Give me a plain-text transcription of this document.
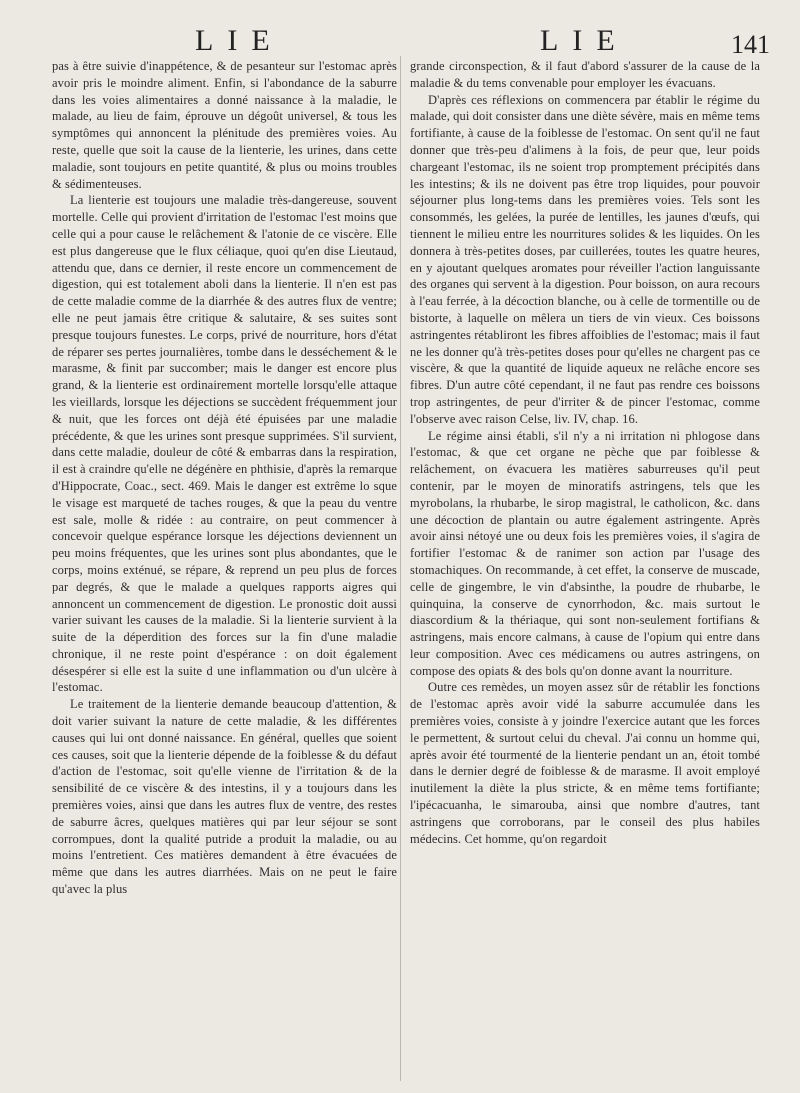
LIE	LIE	141

pas à être suivie d'inappétence, & de pesanteur sur l'estomac après avoir pris le moindre aliment. Enfin, si l'abondance de la saburre dans les voies alimentaires a donné naissance à la maladie, le malade, au lieu de faim, éprouve un dégoût universel, & tous les symptômes qui annoncent la plénitude des premières voies. Au reste, quelle que soit la cause de la lienterie, les urines, dans cette maladie, sont toujours en petite quantité, & plus ou moins troubles & sédimenteuses.

La lienterie est toujours une maladie très-dangereuse, souvent mortelle. Celle qui provient d'irritation de l'estomac l'est moins que celle qui a pour cause le relâchement & l'atonie de ce viscère. Elle est plus dangereuse que le flux céliaque, quoi qu'en dise Lieutaud, attendu que, dans ce dernier, il reste encore un commencement de digestion, qui est totalement aboli dans la lienterie. Il n'en est pas de cette maladie comme de la diarrhée & des autres flux de ventre; elle ne peut jamais être critique & salutaire, & ses suites sont presque toujours funestes. Le corps, privé de nourriture, hors d'état de réparer ses pertes journalières, tombe dans le desséchement & le marasme, & finit par succomber; mais le danger est encore plus grand, & la lienterie est ordinairement mortelle lorsqu'elle attaque les vieillards, lorsque les déjections se succèdent fréquemment jour & nuit, que les forces ont déjà été épuisées par une maladie précédente, & que les urines sont presque supprimées. S'il survient, dans cette maladie, douleur de côté & embarras dans la respiration, il est à craindre qu'elle ne dégénère en phthisie, d'après la remarque d'Hippocrate, Coac., sect. 469. Mais le danger est extrême lo sque le visage est marqueté de taches rouges, & que la peau du ventre est sale, molle & ridée : au contraire, on peut commencer à concevoir quelque espérance lorsque les déjections deviennent un peu moins fréquentes, que les urines sont plus abondantes, que le corps, moins exténué, se répare, & reprend un peu plus de forces par degrés, & que le malade a quelques rapports aigres qui annoncent un commencement de digestion. Le pronostic doit aussi varier suivant les causes de la maladie. Si la lienterie survient à la suite de la déperdition des forces sur la fin d'une maladie chronique, il ne reste point d'espérance : on doit également désespérer si elle est la suite d une inflammation ou d'un ulcère à l'estomac.

Le traitement de la lienterie demande beaucoup d'attention, & doit varier suivant la nature de cette maladie, & les différentes causes qui lui ont donné naissance. En général, quelles que soient ces causes, soit que la lienterie dépende de la foiblesse & du défaut d'action de l'estomac, soit qu'elle vienne de l'irritation & de la sensibilité de ce viscère & des intestins, il y a toujours dans les premières voies, ainsi que dans les autres flux de ventre, des restes de saburre âcres, quelques matières qui par leur séjour se sont corrompues, dont la qualité putride a produit la maladie, ou au moins l'entretient. Ces matières demandent à être évacuées de même que dans les autres diarrhées. Mais on ne peut le faire qu'avec la plus

grande circonspection, & il faut d'abord s'assurer de la cause de la maladie & du tems convenable pour employer les évacuans.

D'après ces réflexions on commencera par établir le régime du malade, qui doit consister dans une diète sévère, mais en même tems fortifiante, à cause de la foiblesse de l'estomac. On sent qu'il ne faut donner que très-peu d'alimens à la fois, de peur que, leur poids chargeant l'estomac, ils ne soient trop promptement précipités dans les intestins; & ils ne doivent pas être trop liquides, pour pouvoir séjourner plus long-tems dans les premières voies. Tels sont les consommés, les gelées, la purée de lentilles, les jaunes d'œufs, qui tiennent le milieu entre les nourritures solides & les liquides. On les donnera à très-petites doses, par cuillerées, toutes les quatre heures, en y ajoutant quelques aromates pour réveiller l'action languissante des organes qui servent à la digestion. Pour boisson, on aura recours à l'eau ferrée, à la décoction blanche, ou à celle de tormentille ou de bistorte, à laquelle on mêlera un tiers de vin vieux. Ces boissons astringentes rétabliront les fibres affoiblies de l'estomac; mais il faut ne les donner qu'à très-petites doses pour qu'elles ne chargent pas ce viscère, & que la quantité de liquide aqueux ne relâche encore ses fibres. D'un autre côté cependant, il ne faut pas rendre ces boissons trop astringentes, de peur d'irriter & de pincer l'estomac, comme l'observe avec raison Celse, liv. IV, chap. 16.

Le régime ainsi établi, s'il n'y a ni irritation ni phlogose dans l'estomac, & que cet organe ne pèche que par foiblesse & relâchement, on évacuera les matières saburreuses qu'il peut contenir, par le moyen de minoratifs astringens, tels que les myrobolans, la rhubarbe, le sirop magistral, le catholicon, &c. dans une décoction de plantain ou autre également astringente. Après avoir ainsi nétoyé une ou deux fois les premières voies, il s'agira de fortifier l'estomac & de ranimer son action par l'usage des stomachiques. On recommande, à cet effet, la conserve de muscade, celle de gingembre, le vin d'absinthe, la poudre de rhubarbe, le quinquina, la conserve de cynorrhodon, &c. mais surtout le diascordium & la thériaque, qui sont non-seulement fortifians & astringens, mais encore calmans, à cause de l'opium qui entre dans leur composition. Avec ces médicamens ou autres astringens, on compose des opiats & des bols qu'on donne avant la nourriture.

Outre ces remèdes, un moyen assez sûr de rétablir les fonctions de l'estomac après avoir vidé la saburre accumulée dans les premières voies, consiste à y joindre l'exercice autant que les forces le permettent, & surtout celui du cheval. J'ai connu un homme qui, après avoir été tourmenté de la lienterie pendant un an, étoit tombé dans le dernier degré de foiblesse & de marasme. Il avoit employé inutilement la diète la plus stricte, & en même tems fortifiante; l'ipécacuanha, le simarouba, ainsi que nombre d'autres, tant astringens que corroborans, par le conseil des plus habiles médecins. Cet homme, qu'on regardoit
